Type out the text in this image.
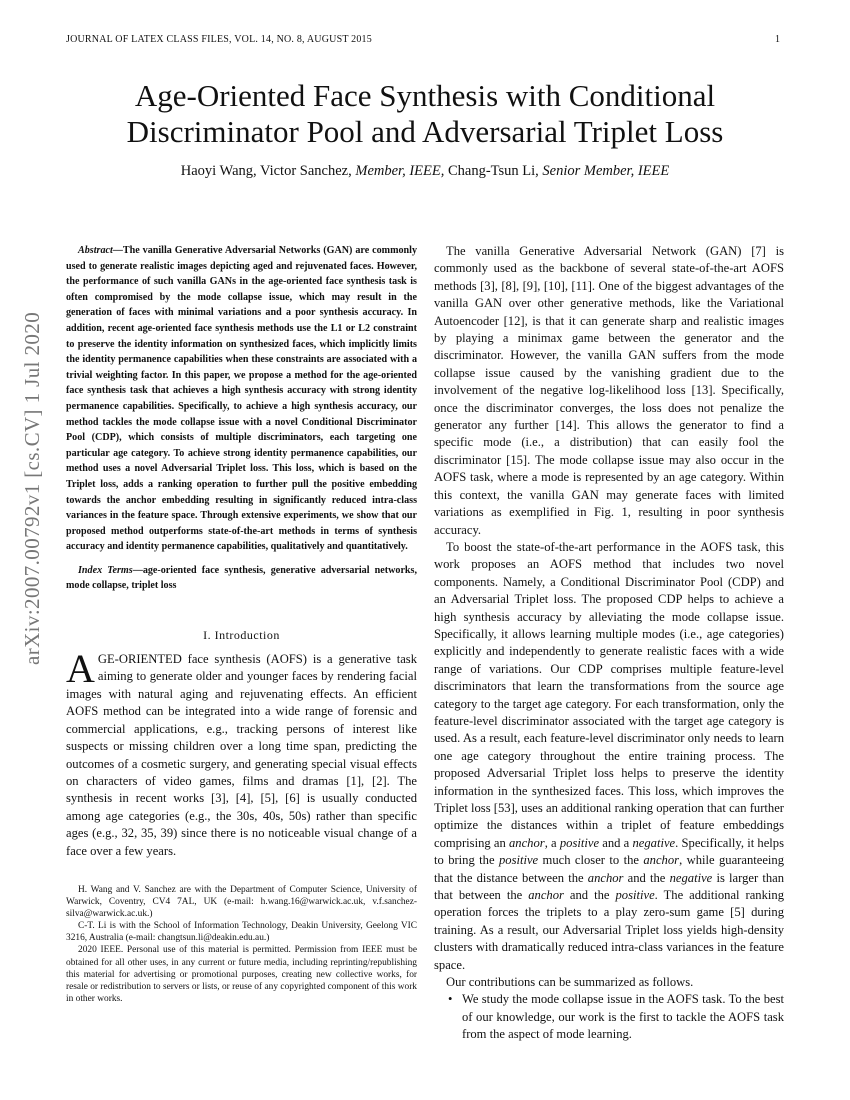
JOURNAL OF LATEX CLASS FILES, VOL. 14, NO. 8, AUGUST 2015	1
Age-Oriented Face Synthesis with Conditional
Discriminator Pool and Adversarial Triplet Loss
Haoyi Wang, Victor Sanchez, Member, IEEE, Chang-Tsun Li, Senior Member, IEEE
arXiv:2007.00792v1 [cs.CV] 1 Jul 2020

Abstract—The vanilla Generative Adversarial Networks (GAN) are commonly used to generate realistic images depicting aged and rejuvenated faces. However, the performance of such vanilla GANs in the age-oriented face synthesis task is often compromised by the mode collapse issue, which may result in the generation of faces with minimal variations and a poor synthesis accuracy. In addition, recent age-oriented face synthesis methods use the L1 or L2 constraint to preserve the identity information on synthesized faces, which implicitly limits the identity permanence capabilities when these constraints are associated with a trivial weighting factor. In this paper, we propose a method for the age-oriented face synthesis task that achieves a high synthesis accuracy with strong identity permanence capabilities. Specifically, to achieve a high synthesis accuracy, our method tackles the mode collapse issue with a novel Conditional Discriminator Pool (CDP), which consists of multiple discriminators, each targeting one particular age category. To achieve strong identity permanence capabilities, our method uses a novel Adversarial Triplet loss. This loss, which is based on the Triplet loss, adds a ranking operation to further pull the positive embedding towards the anchor embedding resulting in significantly reduced intra-class variances in the feature space. Through extensive experiments, we show that our proposed method outperforms state-of-the-art methods in terms of synthesis accuracy and identity permanence capabilities, qualitatively and quantitatively.

Index Terms—age-oriented face synthesis, generative adversarial networks, mode collapse, triplet loss

I. Introduction

AGE-ORIENTED face synthesis (AOFS) is a generative task aiming to generate older and younger faces by rendering facial images with natural aging and rejuvenating effects. An efficient AOFS method can be integrated into a wide range of forensic and commercial applications, e.g., tracking persons of interest like suspects or missing children over a long time span, predicting the outcomes of a cosmetic surgery, and generating special visual effects on characters of video games, films and dramas [1], [2]. The synthesis in recent works [3], [4], [5], [6] is usually conducted among age categories (e.g., the 30s, 40s, 50s) rather than specific ages (e.g., 32, 35, 39) since there is no noticeable visual change of a face over a few years.

H. Wang and V. Sanchez are with the Department of Computer Science, University of Warwick, Coventry, CV4 7AL, UK (e-mail: h.wang.16@warwick.ac.uk, v.f.sanchez-silva@warwick.ac.uk.)

C-T. Li is with the School of Information Technology, Deakin University, Geelong VIC 3216, Australia (e-mail: changtsun.li@deakin.edu.au.)

2020 IEEE. Personal use of this material is permitted. Permission from IEEE must be obtained for all other uses, in any current or future media, including reprinting/republishing this material for advertising or promotional purposes, creating new collective works, for resale or redistribution to servers or lists, or reuse of any copyrighted component of this work in other works.

The vanilla Generative Adversarial Network (GAN) [7] is commonly used as the backbone of several state-of-the-art AOFS methods [3], [8], [9], [10], [11]. One of the biggest advantages of the vanilla GAN over other generative methods, like the Variational Autoencoder [12], is that it can generate sharp and realistic images by playing a minimax game between the generator and the discriminator. However, the vanilla GAN suffers from the mode collapse issue caused by the vanishing gradient due to the involvement of the negative log-likelihood loss [13]. Specifically, once the discriminator converges, the loss does not penalize the generator any further [14]. This allows the generator to find a specific mode (i.e., a distribution) that can easily fool the discriminator [15]. The mode collapse issue may also occur in the AOFS task, where a mode is represented by an age category. Within this context, the vanilla GAN may generate faces with limited variations as exemplified in Fig. 1, resulting in poor synthesis accuracy.

To boost the state-of-the-art performance in the AOFS task, this work proposes an AOFS method that includes two novel components. Namely, a Conditional Discriminator Pool (CDP) and an Adversarial Triplet loss. The proposed CDP helps to achieve a high synthesis accuracy by alleviating the mode collapse issue. Specifically, it allows learning multiple modes (i.e., age categories) explicitly and independently to generate realistic faces with a wide range of variations. Our CDP comprises multiple feature-level discriminators that learn the transformations from the source age category to the target age category. For each transformation, only the feature-level discriminator associated with the target age category is used. As a result, each feature-level discriminator only needs to learn one age category throughout the entire training process. The proposed Adversarial Triplet loss helps to preserve the identity information in the synthesized faces. This loss, which improves the Triplet loss [53], uses an additional ranking operation that can further optimize the distances within a triplet of feature embeddings comprising an anchor, a positive and a negative. Specifically, it helps to bring the positive much closer to the anchor, while guaranteeing that the distance between the anchor and the negative is larger than that between the anchor and the positive. The additional ranking operation forces the triplets to a play zero-sum game [5] during training. As a result, our Adversarial Triplet loss yields high-density clusters with dramatically reduced intra-class variances in the feature space.

Our contributions can be summarized as follows.

• We study the mode collapse issue in the AOFS task. To the best of our knowledge, our work is the first to tackle the AOFS task from the aspect of mode learning.
